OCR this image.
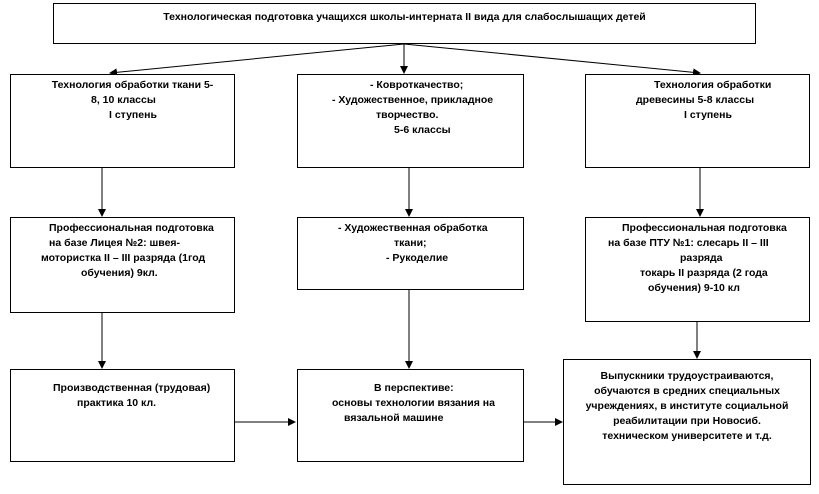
Технологическая подготовка учащихся школы-интерната II вида для слабослышащих детей
Технология обработки ткани 5-
8, 10 классы
I ступень
- Ковроткачество;
- Художественное, прикладное
творчество.
5-6 классы
Технология обработки
древесины 5-8 классы
I ступень
Профессиональная подготовка
на базе Лицея №2: швея-
мотористка II – III разряда (1год
обучения) 9кл.
- Художественная обработка
ткани;
- Рукоделие
Профессиональная подготовка
на базе ПТУ №1: слесарь II – III
разряда
токарь II разряда (2 года
обучения) 9-10 кл
Производственная (трудовая)
практика 10 кл.
В перспективе:
основы технологии вязания на
вязальной машине
Выпускники трудоустраиваются,
обучаются в средних специальных
учреждениях, в институте социальной
реабилитации при Новосиб.
техническом университете и т.д.
